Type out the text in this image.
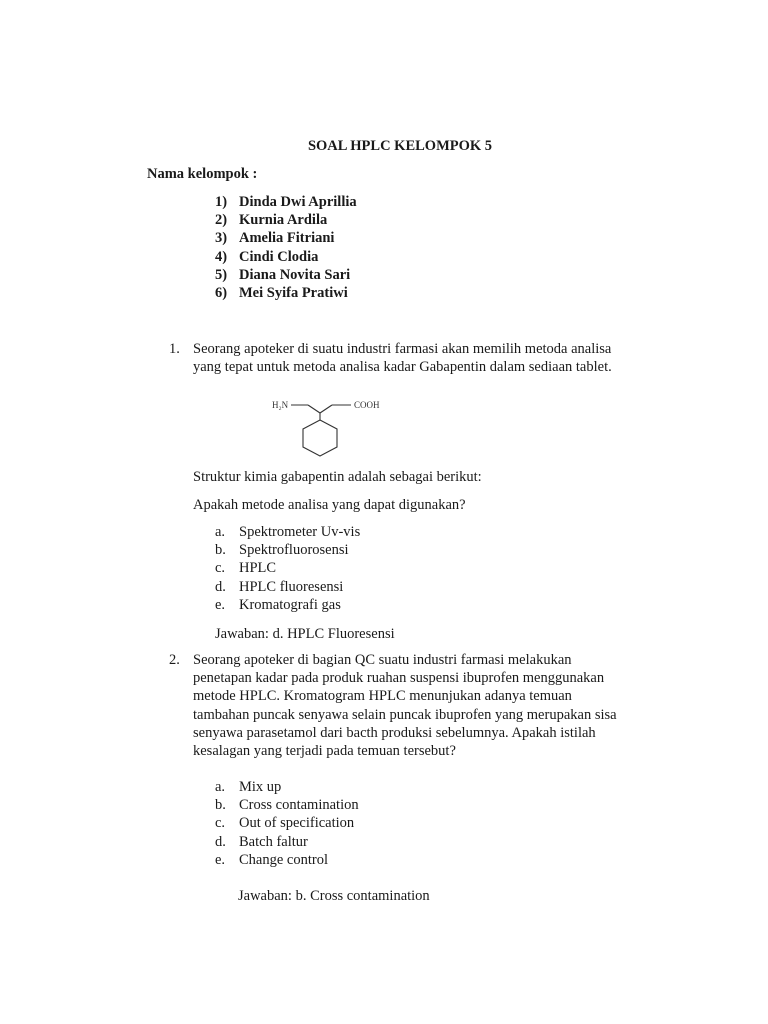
SOAL HPLC KELOMPOK 5
Nama kelompok :
1) Dinda Dwi Aprillia
2) Kurnia Ardila
3) Amelia Fitriani
4) Cindi Clodia
5) Diana Novita Sari
6) Mei Syifa Pratiwi
1. Seorang apoteker di suatu industri farmasi akan memilih metoda analisa
yang tepat untuk metoda analisa kadar Gabapentin dalam sediaan tablet.
H₂N	COOH
Struktur kimia gabapentin adalah sebagai berikut:
Apakah metode analisa yang dapat digunakan?
a. Spektrometer Uv-vis
b. Spektrofluorosensi
c. HPLC
d. HPLC fluoresensi
e. Kromatografi gas
Jawaban: d. HPLC Fluoresensi
2. Seorang apoteker di bagian QC suatu industri farmasi melakukan
penetapan kadar pada produk ruahan suspensi ibuprofen menggunakan
metode HPLC. Kromatogram HPLC menunjukan adanya temuan
tambahan puncak senyawa selain puncak ibuprofen yang merupakan sisa
senyawa parasetamol dari bacth produksi sebelumnya. Apakah istilah
kesalagan yang terjadi pada temuan tersebut?
a. Mix up
b. Cross contamination
c. Out of specification
d. Batch faltur
e. Change control
Jawaban: b. Cross contamination
